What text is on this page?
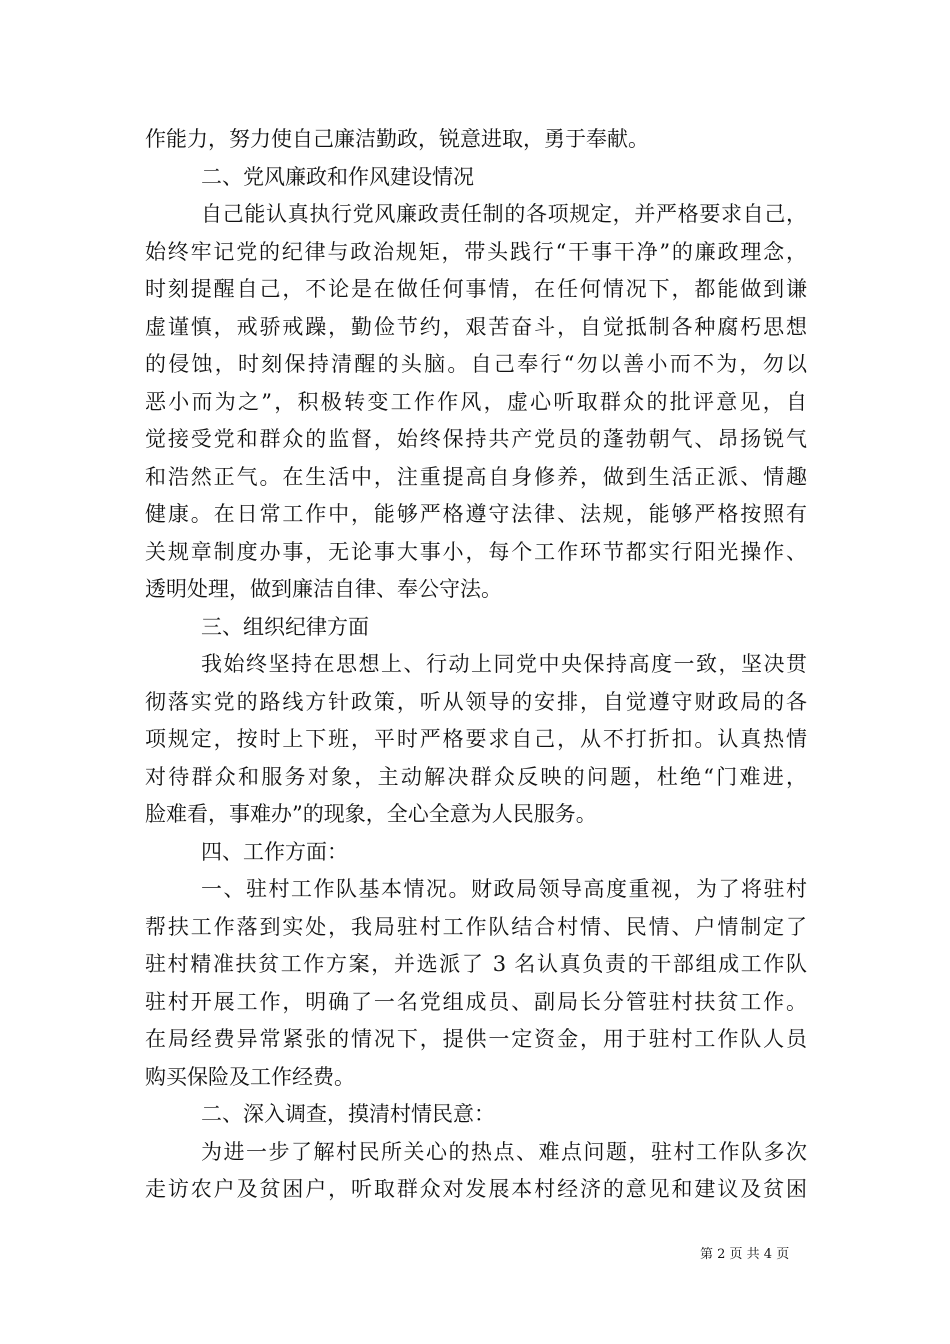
作能力，努力使自己廉洁勤政，锐意进取，勇于奉献。
二、党风廉政和作风建设情况
自己能认真执行党风廉政责任制的各项规定，并严格要求自己，
始终牢记党的纪律与政治规矩，带头践行“干事干净”的廉政理念，
时刻提醒自己，不论是在做任何事情，在任何情况下，都能做到谦
虚谨慎，戒骄戒躁，勤俭节约，艰苦奋斗，自觉抵制各种腐朽思想
的侵蚀，时刻保持清醒的头脑。自己奉行“勿以善小而不为，勿以
恶小而为之”，积极转变工作作风，虚心听取群众的批评意见，自
觉接受党和群众的监督，始终保持共产党员的蓬勃朝气、昂扬锐气
和浩然正气。在生活中，注重提高自身修养，做到生活正派、情趣
健康。在日常工作中，能够严格遵守法律、法规，能够严格按照有
关规章制度办事，无论事大事小，每个工作环节都实行阳光操作、
透明处理，做到廉洁自律、奉公守法。
三、组织纪律方面
我始终坚持在思想上、行动上同党中央保持高度一致，坚决贯
彻落实党的路线方针政策，听从领导的安排，自觉遵守财政局的各
项规定，按时上下班，平时严格要求自己，从不打折扣。认真热情
对待群众和服务对象，主动解决群众反映的问题，杜绝“门难进，
脸难看，事难办”的现象，全心全意为人民服务。
四、工作方面：
一、驻村工作队基本情况。财政局领导高度重视，为了将驻村
帮扶工作落到实处，我局驻村工作队结合村情、民情、户情制定了
驻村精准扶贫工作方案，并选派了 3 名认真负责的干部组成工作队
驻村开展工作，明确了一名党组成员、副局长分管驻村扶贫工作。
在局经费异常紧张的情况下，提供一定资金，用于驻村工作队人员
购买保险及工作经费。
二、深入调查，摸清村情民意：
为进一步了解村民所关心的热点、难点问题，驻村工作队多次
走访农户及贫困户，听取群众对发展本村经济的意见和建议及贫困
第 2 页 共 4 页
